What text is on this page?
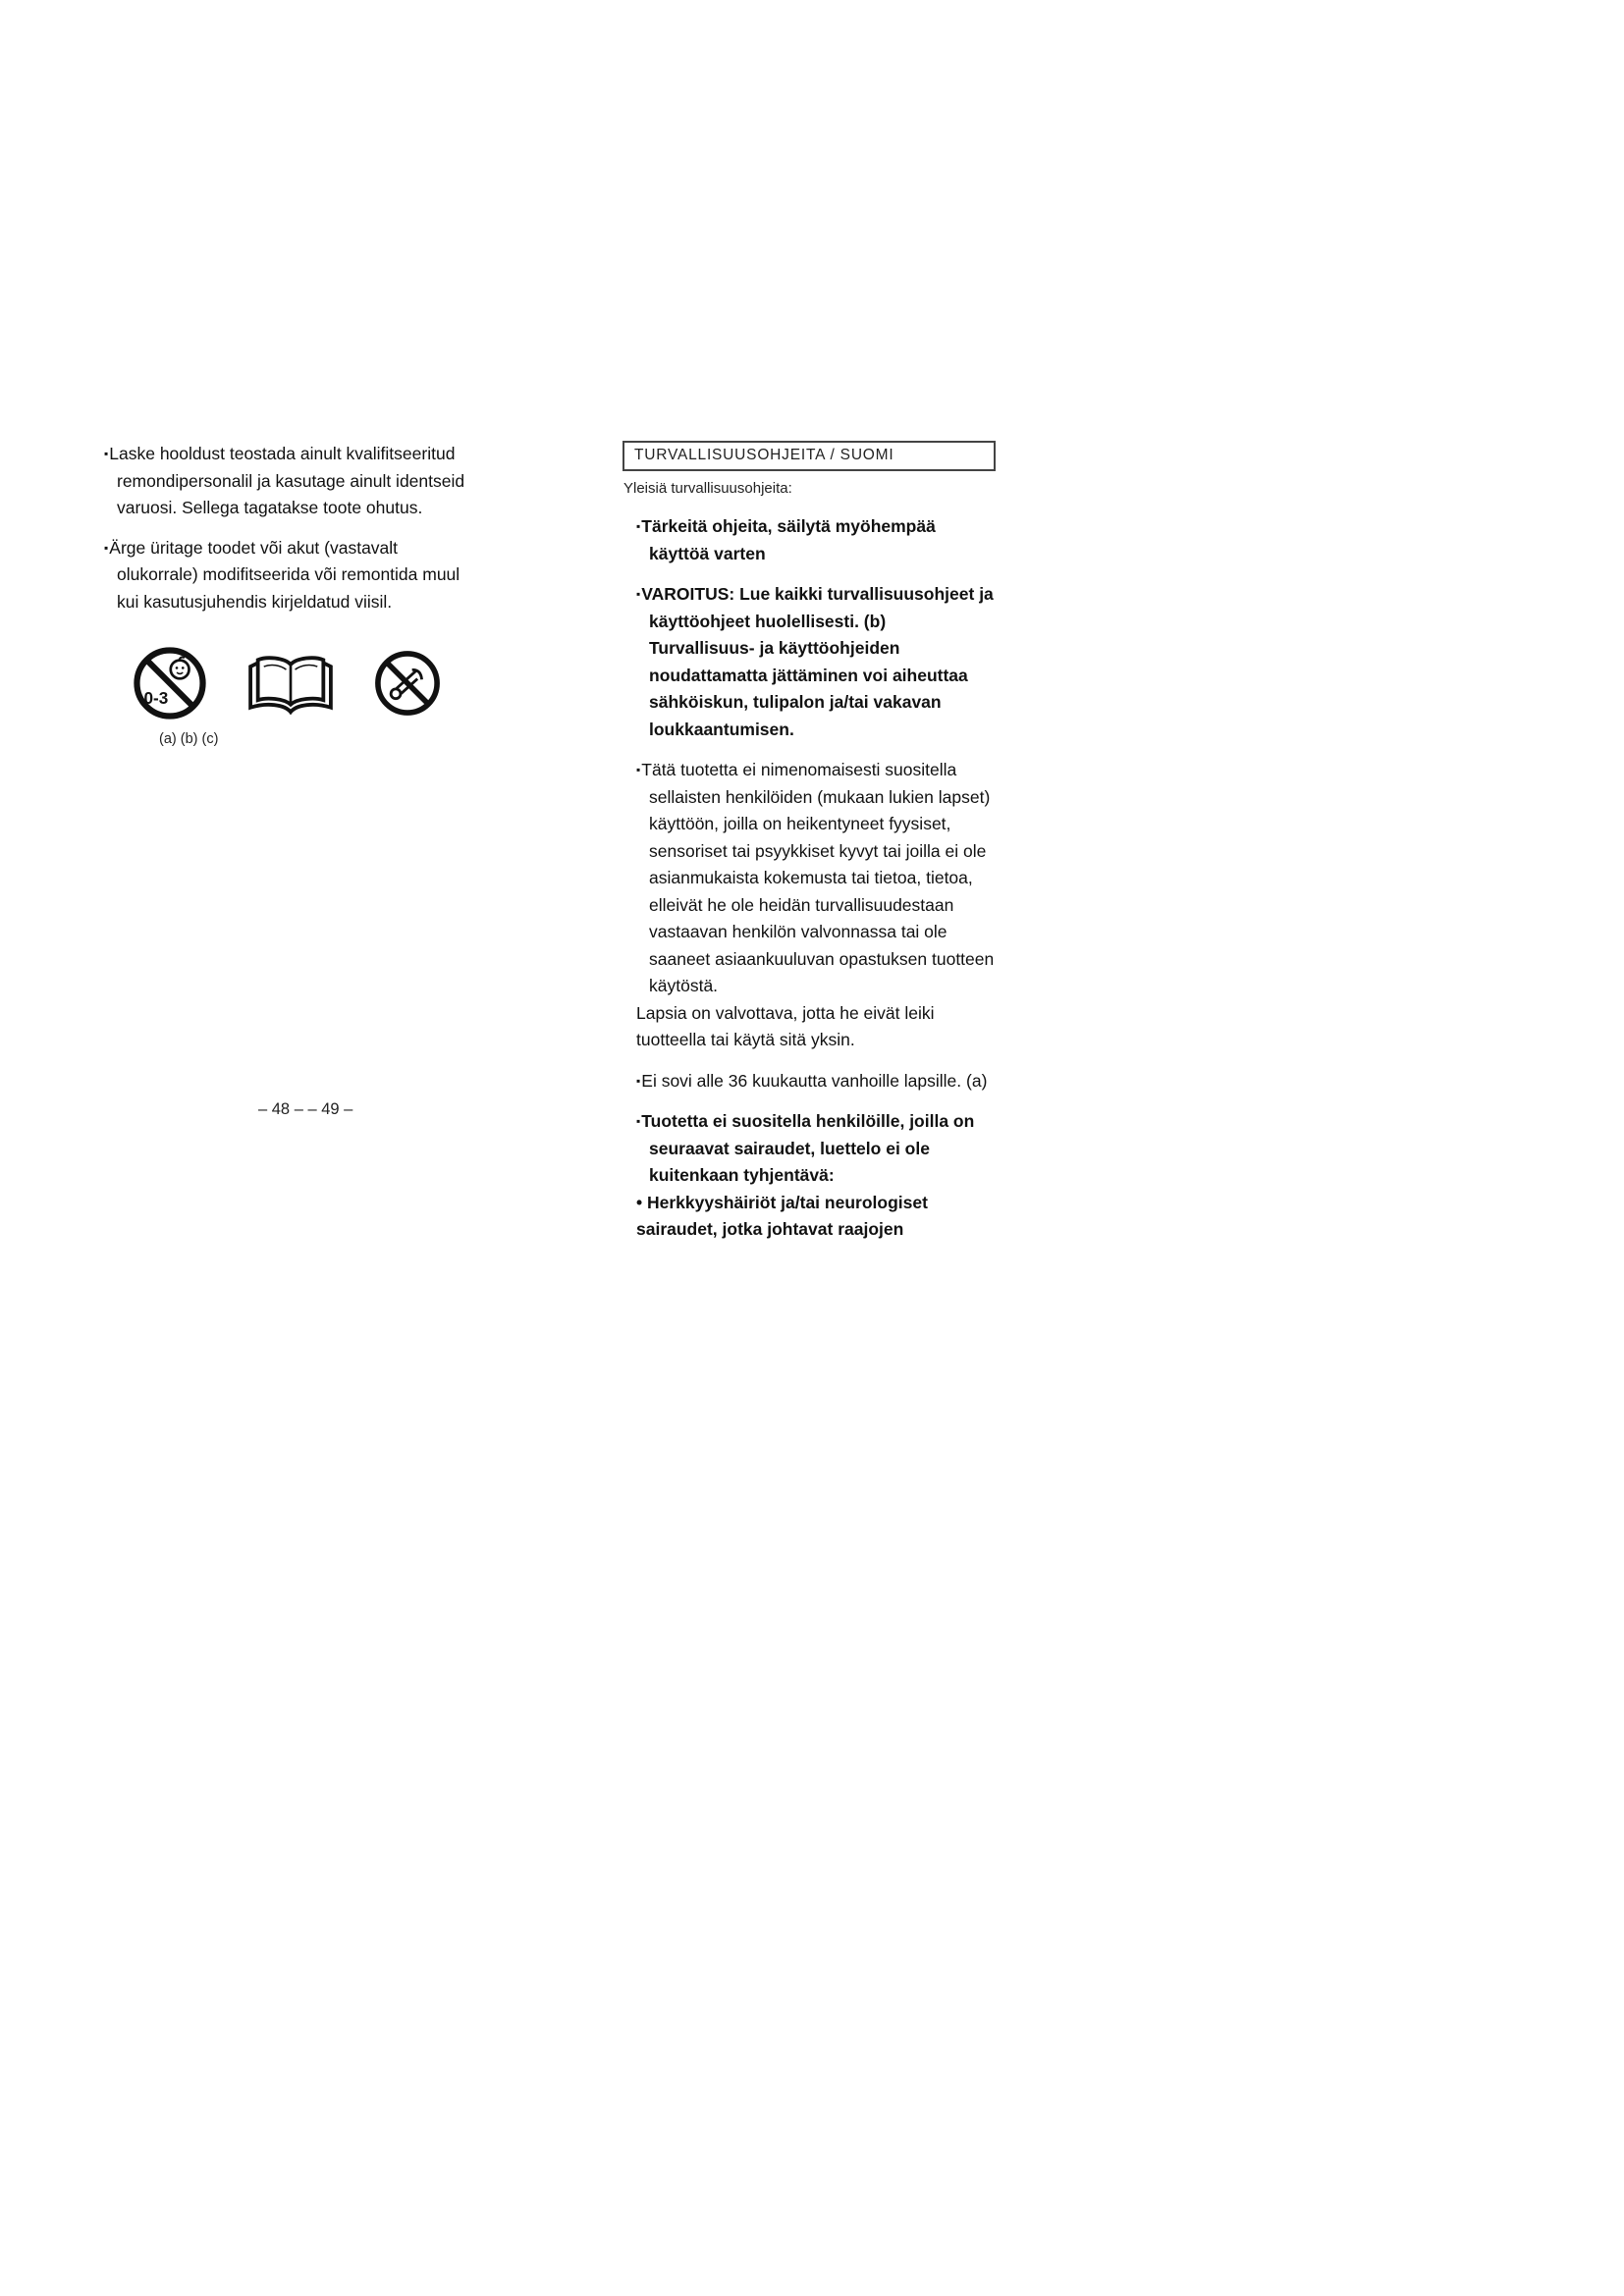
▪Laske hooldust teostada ainult kvalifitseeritud remondipersonalil ja kasutage ainult identseid varuosi. Sellega tagatakse toote ohutus.

▪Ärge üritage toodet või akut (vastavalt olukorrale) modifitseerida või remontida muul kui kasutusjuhendis kirjeldatud viisil.

0-3
(a) (b) (c)
– 48 – – 49 –
TURVALLISUUSOHJEITA / SUOMI
Yleisiä turvallisuusohjeita:

▪Tärkeitä ohjeita, säilytä myöhempää käyttöä varten

▪VAROITUS: Lue kaikki turvallisuusohjeet ja käyttöohjeet huolellisesti. (b) Turvallisuus- ja käyttöohjeiden noudattamatta jättäminen voi aiheuttaa sähköiskun, tulipalon ja/tai vakavan loukkaantumisen.

▪Tätä tuotetta ei nimenomaisesti suositella sellaisten henkilöiden (mukaan lukien lapset) käyttöön, joilla on heikentyneet fyysiset, sensoriset tai psyykkiset kyvyt tai joilla ei ole asianmukaista kokemusta tai tietoa, tietoa, elleivät he ole heidän turvallisuudestaan vastaavan henkilön valvonnassa tai ole saaneet asiaankuuluvan opastuksen tuotteen käytöstä.

Lapsia on valvottava, jotta he eivät leiki tuotteella tai käytä sitä yksin.

▪Ei sovi alle 36 kuukautta vanhoille lapsille. (a)

▪Tuotetta ei suositella henkilöille, joilla on seuraavat sairaudet, luettelo ei ole kuitenkaan tyhjentävä:

• Herkkyyshäiriöt ja/tai neurologiset sairaudet, jotka johtavat raajojen
